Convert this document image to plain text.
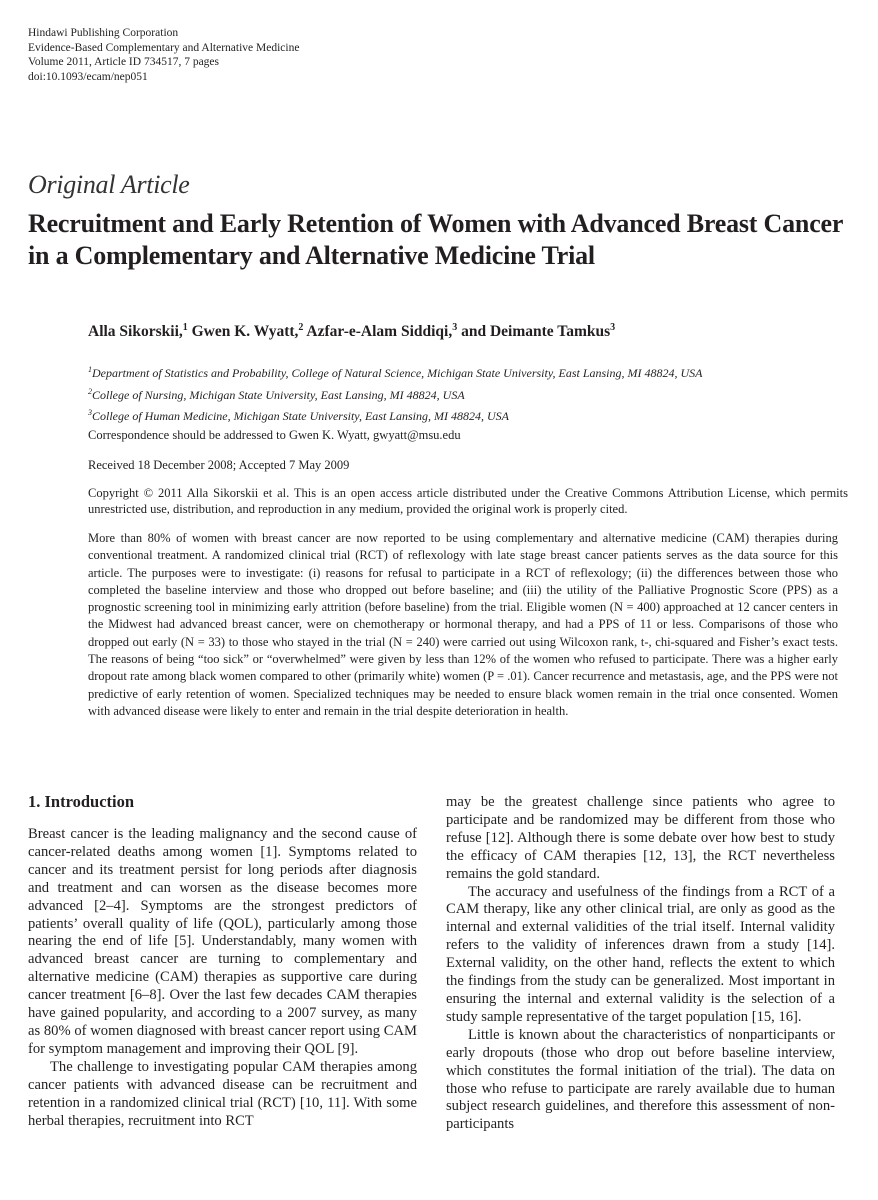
Hindawi Publishing Corporation
Evidence-Based Complementary and Alternative Medicine
Volume 2011, Article ID 734517, 7 pages
doi:10.1093/ecam/nep051
Original Article
Recruitment and Early Retention of Women with Advanced Breast Cancer in a Complementary and Alternative Medicine Trial
Alla Sikorskii,$^1$ Gwen K. Wyatt,$^2$ Azfar-e-Alam Siddiqi,$^3$ and Deimante Tamkus$^3$
$^1$Department of Statistics and Probability, College of Natural Science, Michigan State University, East Lansing, MI 48824, USA
$^2$College of Nursing, Michigan State University, East Lansing, MI 48824, USA
$^3$College of Human Medicine, Michigan State University, East Lansing, MI 48824, USA
Correspondence should be addressed to Gwen K. Wyatt, gwyatt@msu.edu
Received 18 December 2008; Accepted 7 May 2009
Copyright © 2011 Alla Sikorskii et al. This is an open access article distributed under the Creative Commons Attribution License, which permits unrestricted use, distribution, and reproduction in any medium, provided the original work is properly cited.
More than 80% of women with breast cancer are now reported to be using complementary and alternative medicine (CAM) therapies during conventional treatment. A randomized clinical trial (RCT) of reflexology with late stage breast cancer patients serves as the data source for this article. The purposes were to investigate: (i) reasons for refusal to participate in a RCT of reflexology; (ii) the differences between those who completed the baseline interview and those who dropped out before baseline; and (iii) the utility of the Palliative Prognostic Score (PPS) as a prognostic screening tool in minimizing early attrition (before baseline) from the trial. Eligible women (N = 400) approached at 12 cancer centers in the Midwest had advanced breast cancer, were on chemotherapy or hormonal therapy, and had a PPS of 11 or less. Comparisons of those who dropped out early (N = 33) to those who stayed in the trial (N = 240) were carried out using Wilcoxon rank, t-, chi-squared and Fisher’s exact tests. The reasons of being “too sick” or “overwhelmed” were given by less than 12% of the women who refused to participate. There was a higher early dropout rate among black women compared to other (primarily white) women (P = .01). Cancer recurrence and metastasis, age, and the PPS were not predictive of early retention of women. Specialized techniques may be needed to ensure black women remain in the trial once consented. Women with advanced disease were likely to enter and remain in the trial despite deterioration in health.
1. Introduction

Breast cancer is the leading malignancy and the second cause of cancer-related deaths among women [1]. Symptoms related to cancer and its treatment persist for long periods after diagnosis and treatment and can worsen as the disease becomes more advanced [2–4]. Symptoms are the strongest predictors of patients’ overall quality of life (QOL), particularly among those nearing the end of life [5]. Understandably, many women with advanced breast cancer are turning to complementary and alternative medicine (CAM) therapies as supportive care during cancer treatment [6–8]. Over the last few decades CAM therapies have gained popularity, and according to a 2007 survey, as many as 80% of women diagnosed with breast cancer report using CAM for symptom management and improving their QOL [9].

The challenge to investigating popular CAM therapies among cancer patients with advanced disease can be recruitment and retention in a randomized clinical trial (RCT) [10, 11]. With some herbal therapies, recruitment into RCT

may be the greatest challenge since patients who agree to participate and be randomized may be different from those who refuse [12]. Although there is some debate over how best to study the efficacy of CAM therapies [12, 13], the RCT nevertheless remains the gold standard.

The accuracy and usefulness of the findings from a RCT of a CAM therapy, like any other clinical trial, are only as good as the internal and external validities of the trial itself. Internal validity refers to the validity of inferences drawn from a study [14]. External validity, on the other hand, reflects the extent to which the findings from the study can be generalized. Most important in ensuring the internal and external validity is the selection of a study sample representative of the target population [15, 16].

Little is known about the characteristics of nonparticipants or early dropouts (those who drop out before baseline interview, which constitutes the formal initiation of the trial). The data on those who refuse to participate are rarely available due to human subject research guidelines, and therefore this assessment of non-participants
